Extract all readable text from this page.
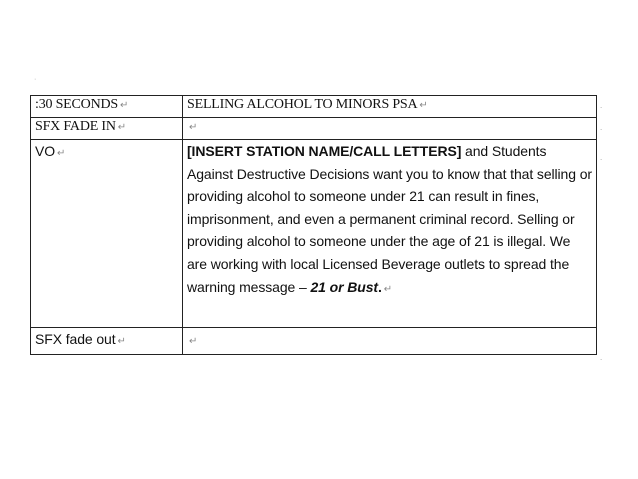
·
:30 SECONDS ↵	SELLING ALCOHOL TO MINORS PSA ↵
SFX FADE IN ↵	↵
VO ↵	[INSERT STATION NAME/CALL LETTERS] and Students Against Destructive Decisions want you to know that that selling or providing alcohol to someone under 21 can result in fines, imprisonment, and even a permanent criminal record. Selling or providing alcohol to someone under the age of 21 is illegal. We are working with local Licensed Beverage outlets to spread the warning message – 21 or Bust. ↵
SFX fade out ↵	↵
·
·
·
·
